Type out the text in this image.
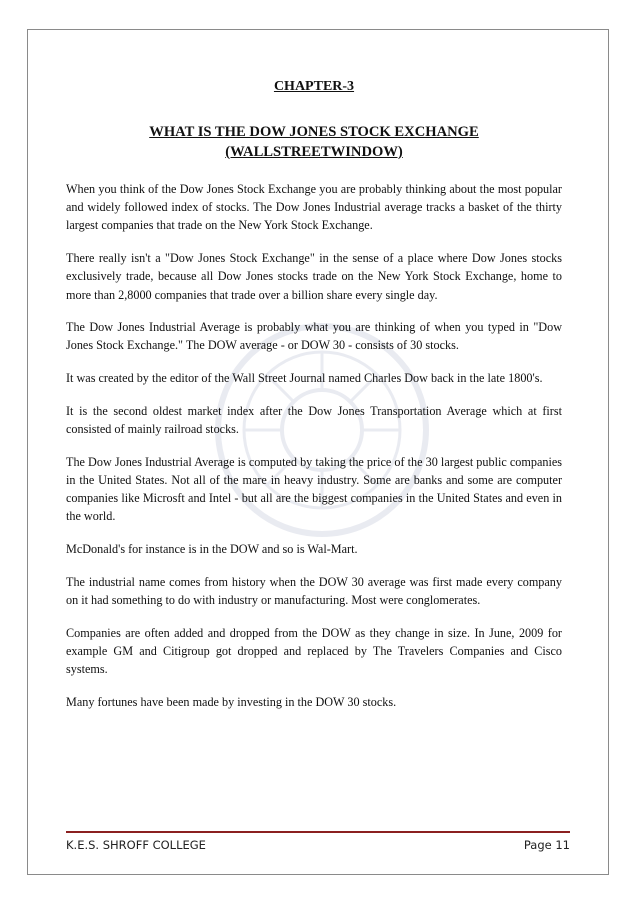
CHAPTER-3
WHAT IS THE DOW JONES STOCK EXCHANGE
(WALLSTREETWINDOW)

When you think of the Dow Jones Stock Exchange you are probably thinking about the most popular and widely followed index of stocks. The Dow Jones Industrial average tracks a basket of the thirty largest companies that trade on the New York Stock Exchange.

There really isn't a "Dow Jones Stock Exchange" in the sense of a place where Dow Jones stocks exclusively trade, because all Dow Jones stocks trade on the New York Stock Exchange, home to more than 2,8000 companies that trade over a billion share every single day.

The Dow Jones Industrial Average is probably what you are thinking of when you typed in "Dow Jones Stock Exchange." The DOW average - or DOW 30 - consists of 30 stocks.

It was created by the editor of the Wall Street Journal named Charles Dow back in the late 1800's.

It is the second oldest market index after the Dow Jones Transportation Average which at first consisted of mainly railroad stocks.

The Dow Jones Industrial Average is computed by taking the price of the 30 largest public companies in the United States. Not all of the mare in heavy industry. Some are banks and some are computer companies like Microsft and Intel - but all are the biggest companies in the United States and even in the world.

McDonald's for instance is in the DOW and so is Wal-Mart.

The industrial name comes from history when the DOW 30 average was first made every company on it had something to do with industry or manufacturing. Most were conglomerates.

Companies are often added and dropped from the DOW as they change in size. In June, 2009 for example GM and Citigroup got dropped and replaced by The Travelers Companies and Cisco systems.

Many fortunes have been made by investing in the DOW 30 stocks.

K.E.S. SHROFF COLLEGE	Page 11
